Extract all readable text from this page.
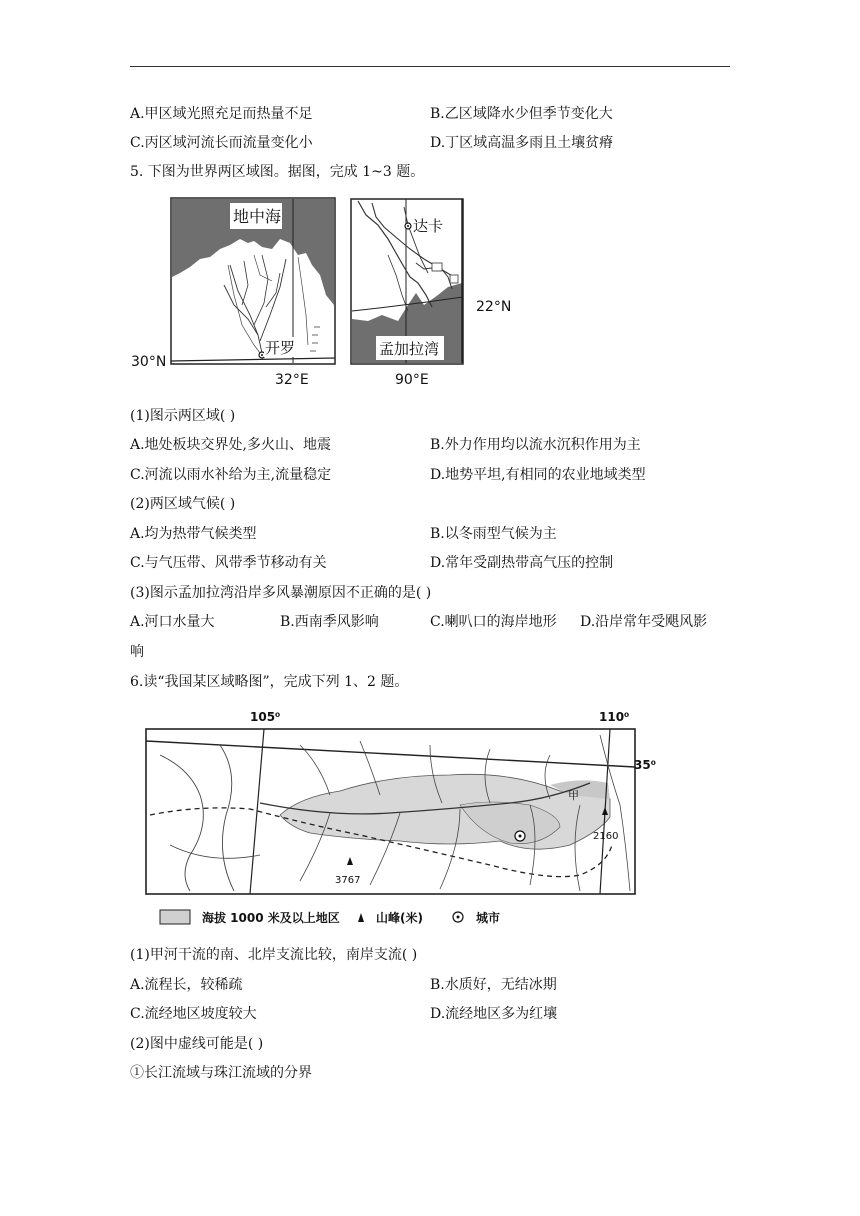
A.甲区域光照充足而热量不足	B.乙区域降水少但季节变化大
C.丙区域河流长而流量变化小	D.丁区域高温多雨且土壤贫瘠
5. 下图为世界两区域图。据图，完成 1~3 题。
地中海
开罗
30°N
32°E
孟加拉湾
达卡
22°N
90°E
(1)图示两区域( )
A.地处板块交界处,多火山、地震	B.外力作用均以流水沉积作用为主
C.河流以雨水补给为主,流量稳定	D.地势平坦,有相同的农业地域类型
(2)两区域气候( )
A.均为热带气候类型	B.以冬雨型气候为主
C.与气压带、风带季节移动有关	D.常年受副热带高气压的控制
(3)图示孟加拉湾沿岸多风暴潮原因不正确的是( )
A.河口水量大	B.西南季风影响	C.喇叭口的海岸地形 D.沿岸常年受飓风影
响
6.读“我国某区域略图”，完成下列 1、2 题。
105⁰	110⁰
35⁰
甲
2160
3767
海拔 1000 米及以上地区	山峰(米)	城市
(1)甲河干流的南、北岸支流比较，南岸支流( )
A.流程长，较稀疏	B.水质好，无结冰期
C.流经地区坡度较大	D.流经地区多为红壤
(2)图中虚线可能是( )
①长江流域与珠江流域的分界
